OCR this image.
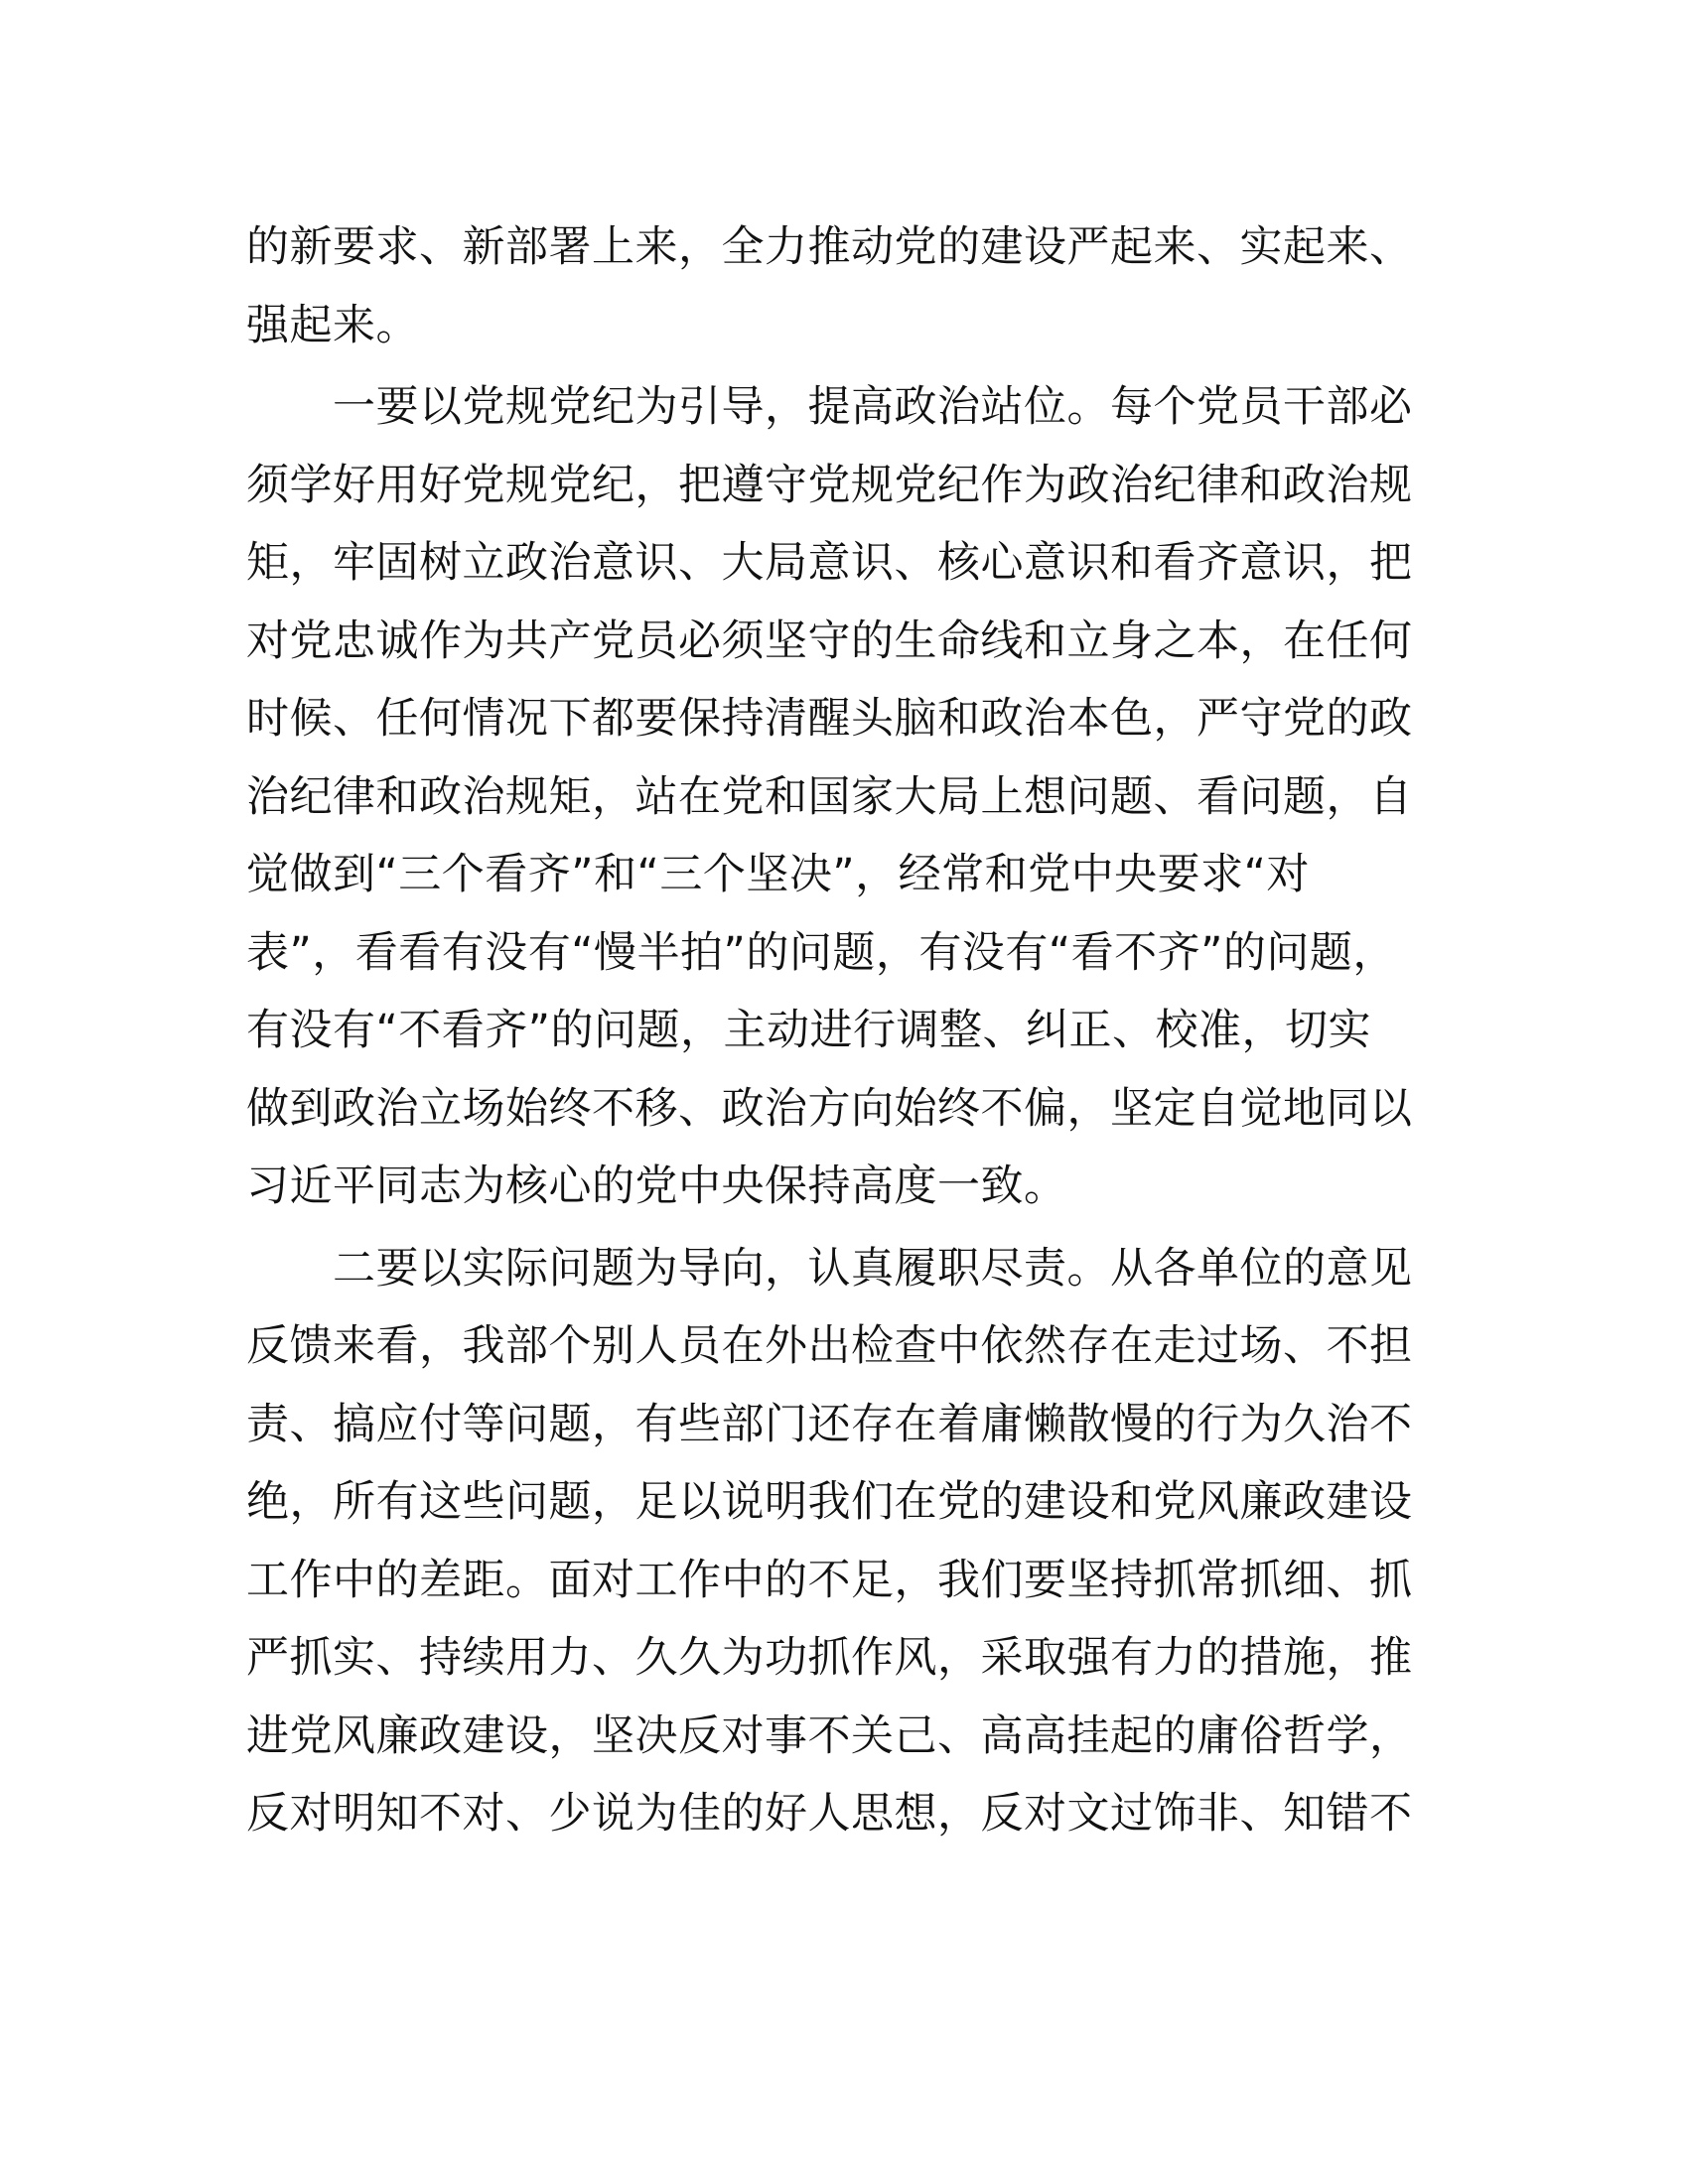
的新要求、新部署上来，全力推动党的建设严起来、实起来、
强起来。
　　一要以党规党纪为引导，提高政治站位。每个党员干部必
须学好用好党规党纪，把遵守党规党纪作为政治纪律和政治规
矩，牢固树立政治意识、大局意识、核心意识和看齐意识，把
对党忠诚作为共产党员必须坚守的生命线和立身之本，在任何
时候、任何情况下都要保持清醒头脑和政治本色，严守党的政
治纪律和政治规矩，站在党和国家大局上想问题、看问题，自
觉做到“三个看齐”和“三个坚决”，经常和党中央要求“对
表”，看看有没有“慢半拍”的问题，有没有“看不齐”的问题，
有没有“不看齐”的问题，主动进行调整、纠正、校准，切实
做到政治立场始终不移、政治方向始终不偏，坚定自觉地同以
习近平同志为核心的党中央保持高度一致。
　　二要以实际问题为导向，认真履职尽责。从各单位的意见
反馈来看，我部个别人员在外出检查中依然存在走过场、不担
责、搞应付等问题，有些部门还存在着庸懒散慢的行为久治不
绝，所有这些问题，足以说明我们在党的建设和党风廉政建设
工作中的差距。面对工作中的不足，我们要坚持抓常抓细、抓
严抓实、持续用力、久久为功抓作风，采取强有力的措施，推
进党风廉政建设，坚决反对事不关己、高高挂起的庸俗哲学，
反对明知不对、少说为佳的好人思想，反对文过饰非、知错不
